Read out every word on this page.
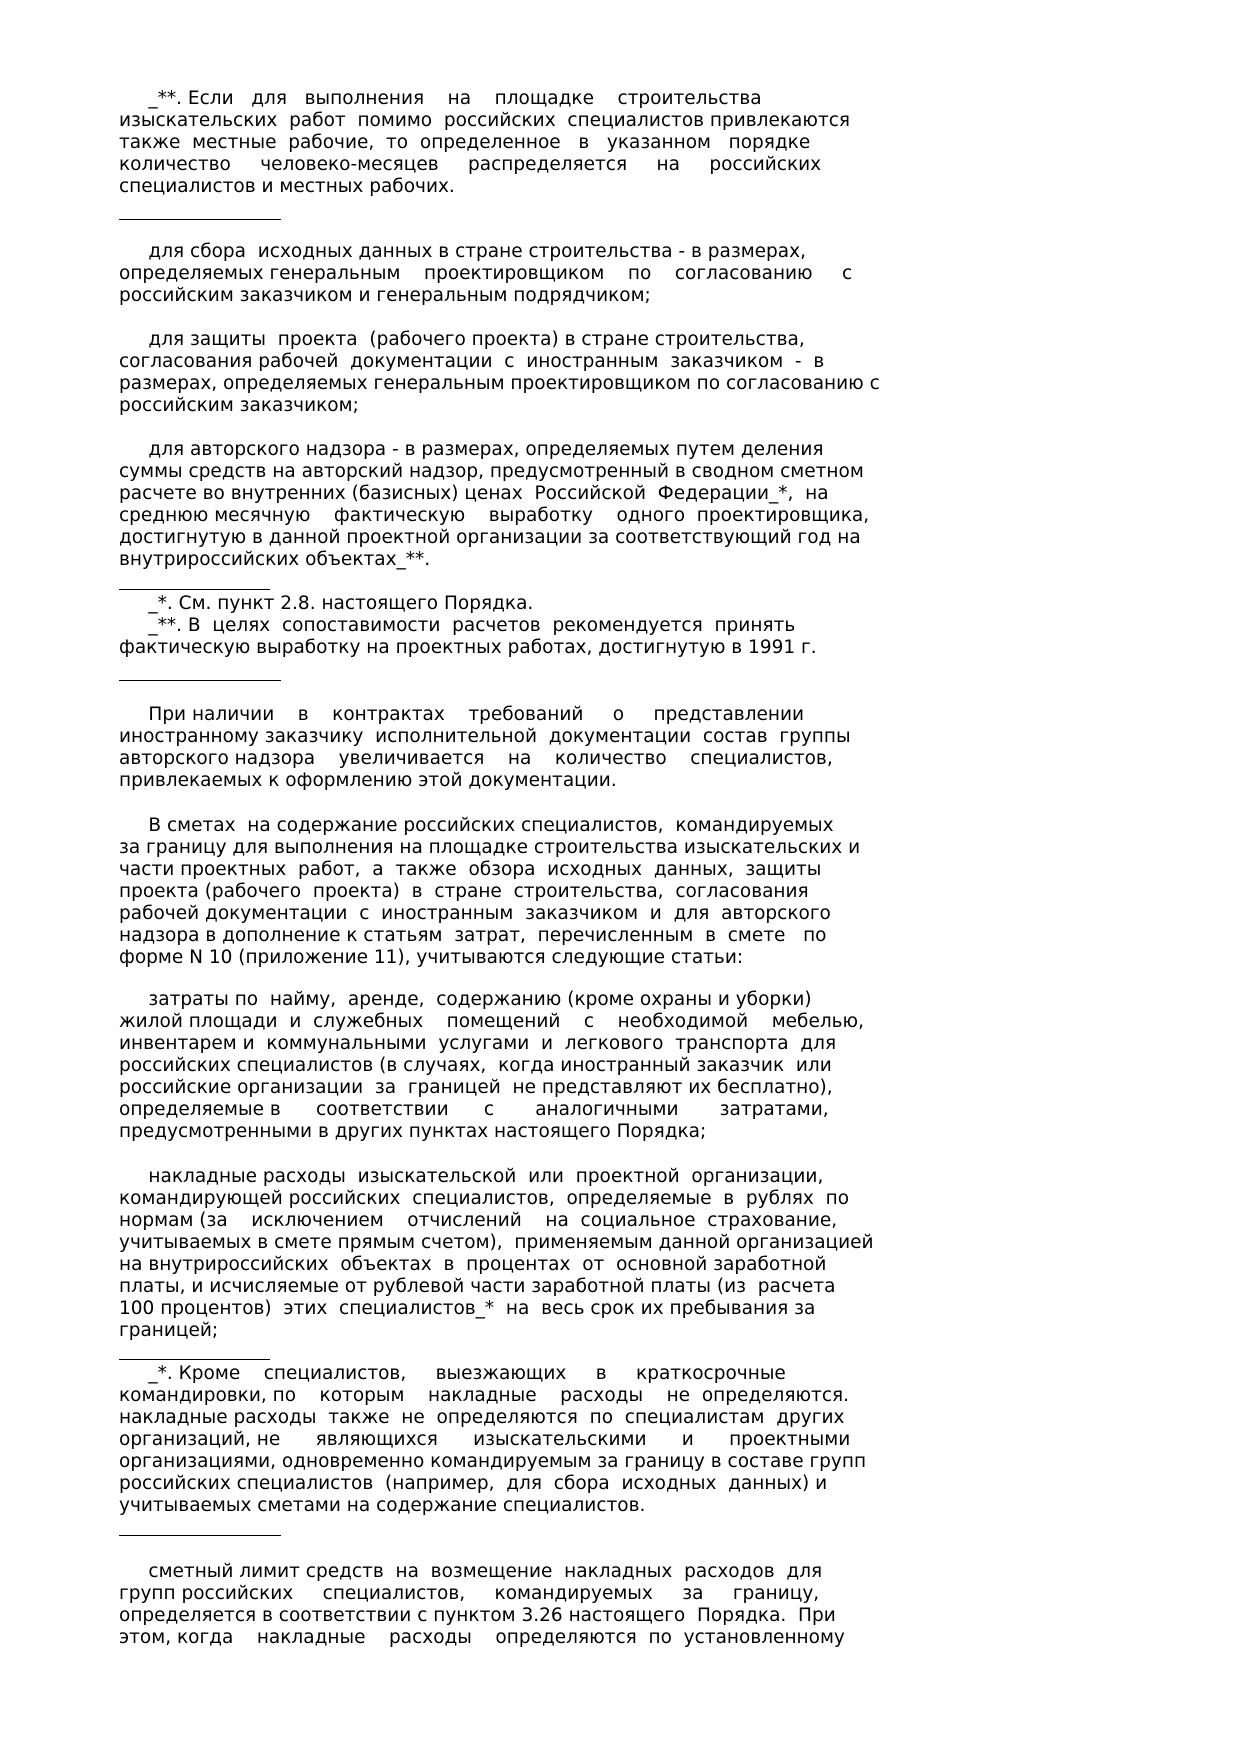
_**. Если   для   выполнения    на    площадке    строительства

изыскательских  работ  помимо  российских  специалистов привлекаются

также  местные  рабочие,  то  определенное   в   указанном   порядке

количество     человеко-месяцев     распределяется     на     российских

специалистов и местных рабочих.

для сбора  исходных данных в стране строительства - в размерах,

определяемых генеральным    проектировщиком    по    согласованию     с

российским заказчиком и генеральным подрядчиком;

для защиты  проекта  (рабочего проекта) в стране строительства,

согласования рабочей  документации  с  иностранным  заказчиком  -  в

размерах, определяемых генеральным проектировщиком по согласованию с

российским заказчиком;

для авторского надзора - в размерах, определяемых путем деления

суммы средств на авторский надзор, предусмотренный в сводном сметном

расчете во внутренних (базисных) ценах  Российской  Федерации_*,  на

среднюю месячную    фактическую    выработку    одного  проектировщика,

достигнутую в данной проектной организации за соответствующий год на

внутрироссийских объектах_**.

_*. См. пункт 2.8. настоящего Порядка.

_**. В  целях  сопоставимости  расчетов  рекомендуется  принять

фактическую выработку на проектных работах, достигнутую в 1991 г.

При наличии    в    контрактах    требований     о     представлении

иностранному заказчику  исполнительной  документации  состав  группы

авторского надзора    увеличивается    на    количество    специалистов,

привлекаемых к оформлению этой документации.

В сметах  на содержание российских специалистов,  командируемых

за границу для выполнения на площадке строительства изыскательских и

части проектных  работ,  а  также  обзора  исходных  данных,  защиты

проекта (рабочего  проекта)  в  стране  строительства,  согласования

рабочей документации  с  иностранным  заказчиком  и  для  авторского

надзора в дополнение к статьям  затрат,  перечисленным  в  смете   по

форме N 10 (приложение 11), учитываются следующие статьи:

затраты по  найму,  аренде,  содержанию (кроме охраны и уборки)

жилой площади  и  служебных    помещений    с    необходимой    мебелью,

инвентарем и  коммунальными  услугами  и  легкового  транспорта  для

российских специалистов (в случаях,  когда иностранный заказчик  или

российские организации  за  границей  не представляют их бесплатно),

определяемые в      соответствии      с       аналогичными       затратами,

предусмотренными в других пунктах настоящего Порядка;

накладные расходы  изыскательской  или  проектной  организации,

командирующей российских  специалистов,  определяемые  в  рублях  по

нормам (за    исключением    отчислений    на  социальное  страхование,

учитываемых в смете прямым счетом),  применяемым данной организацией

на внутрироссийских  объектах  в  процентах  от  основной заработной

платы, и исчисляемые от рублевой части заработной платы (из  расчета

100 процентов)  этих  специалистов_*  на  весь срок их пребывания за

границей;

_*. Кроме    специалистов,     выезжающих     в     краткосрочные

командировки, по    которым    накладные    расходы    не  определяются.

накладные расходы  также  не  определяются  по  специалистам  других

организаций, не      являющихся      изыскательскими      и      проектными

организациями, одновременно командируемым за границу в составе групп

российских специалистов  (например,  для  сбора  исходных  данных) и

учитываемых сметами на содержание специалистов.

сметный лимит средств  на  возмещение  накладных  расходов  для

групп российских     специалистов,     командируемых     за     границу,

определяется в соответствии с пунктом 3.26 настоящего  Порядка.  При

этом, когда    накладные    расходы    определяются  по  установленному
